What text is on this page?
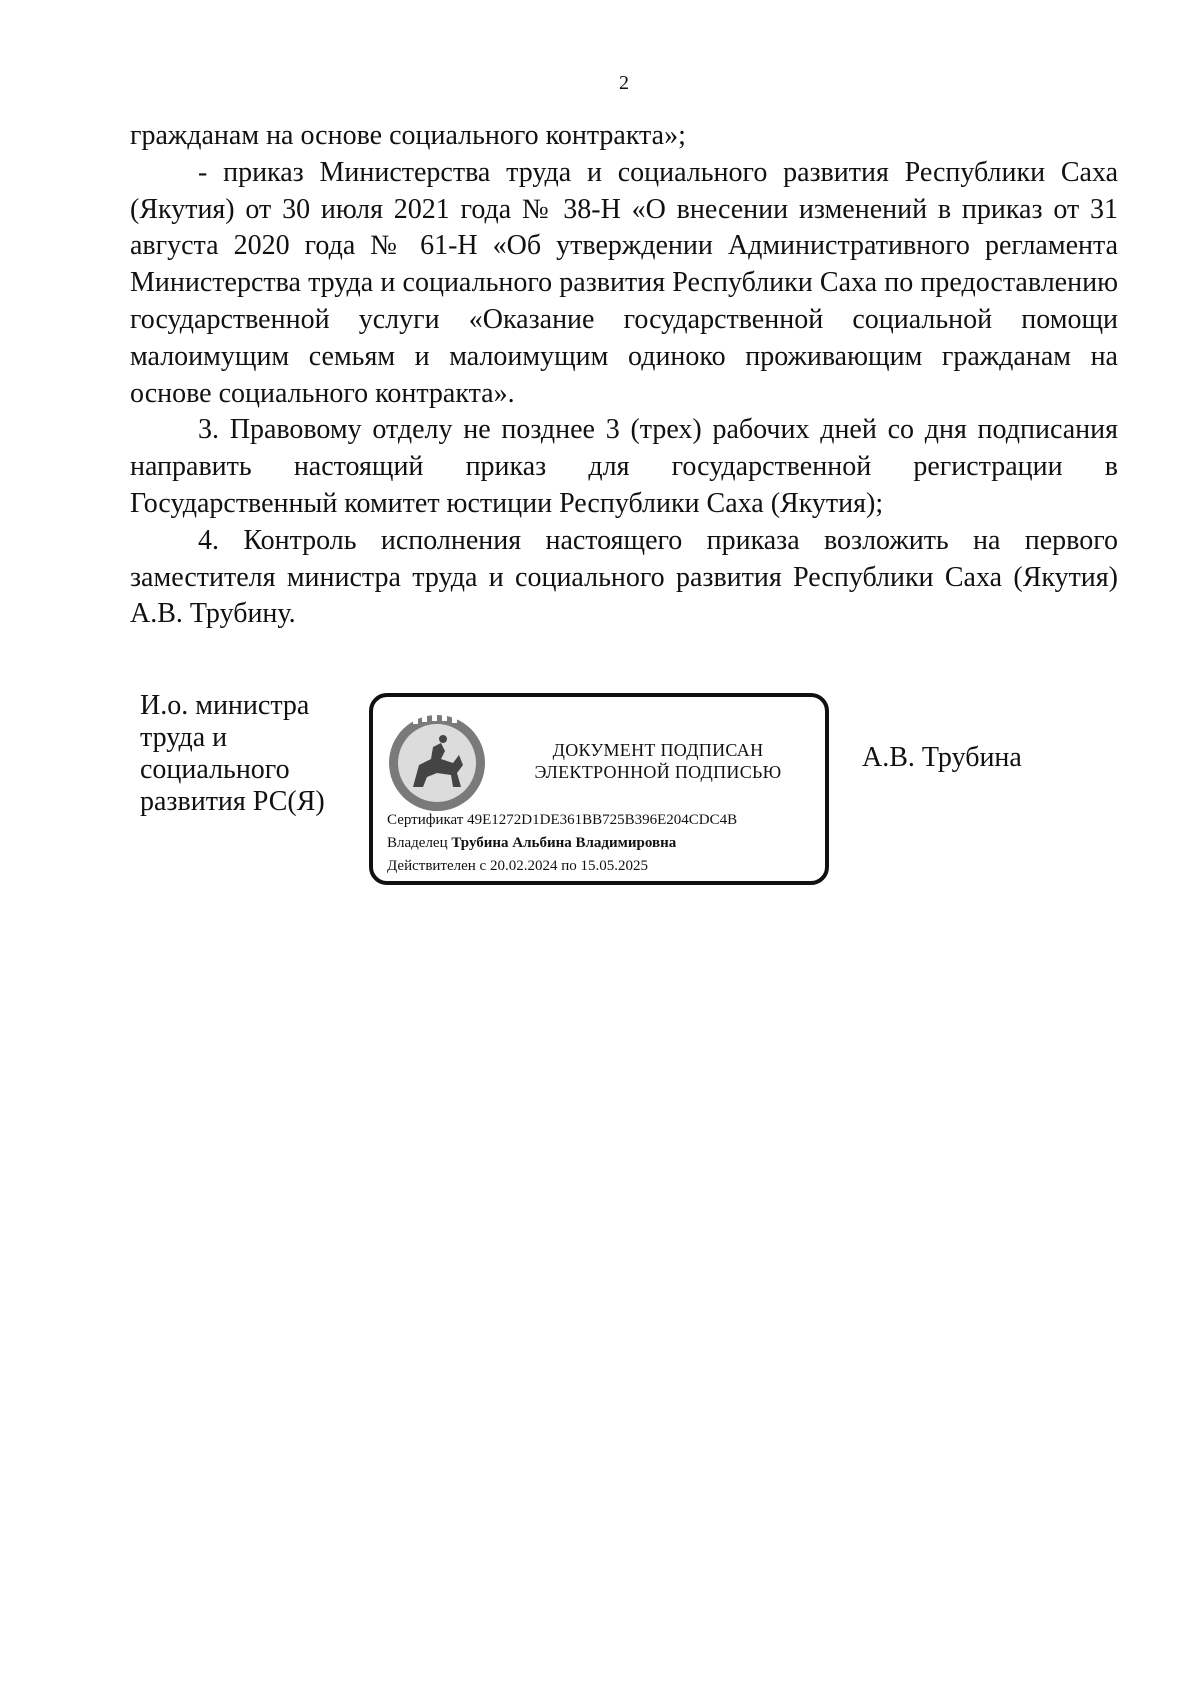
2

гражданам на основе социального контракта»;

- приказ Министерства труда и социального развития Республики Саха (Якутия) от 30 июля 2021 года № 38-Н «О внесении изменений в приказ от 31 августа 2020 года № 61-Н «Об утверждении Административного регламента Министерства труда и социального развития Республики Саха по предоставлению государственной услуги «Оказание государственной социальной помощи малоимущим семьям и малоимущим одиноко проживающим гражданам на основе социального контракта».

3. Правовому отделу не позднее 3 (трех) рабочих дней со дня подписания направить настоящий приказ для государственной регистрации в Государственный комитет юстиции Республики Саха (Якутия);

4. Контроль исполнения настоящего приказа возложить на первого заместителя министра труда и социального развития Республики Саха (Якутия) А.В. Трубину.

И.о. министра
труда и
социального
развития РС(Я)
ДОКУМЕНТ ПОДПИСАН
ЭЛЕКТРОННОЙ ПОДПИСЬЮ
Сертификат 49E1272D1DE361BB725B396E204CDC4B
Владелец Трубина Альбина Владимировна
Действителен с 20.02.2024 по 15.05.2025
А.В. Трубина
